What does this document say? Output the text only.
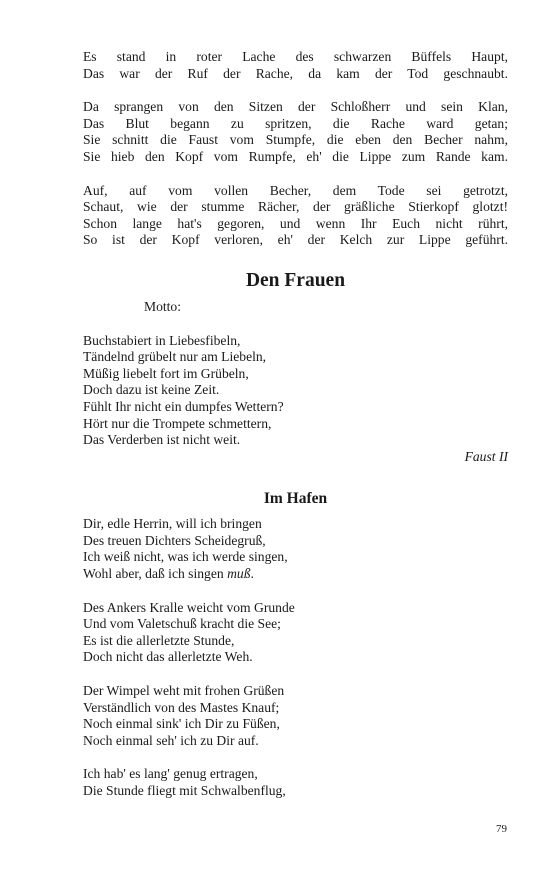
Es stand in roter Lache des schwarzen Büffels Haupt,
Das war der Ruf der Rache, da kam der Tod geschnaubt.
Da sprangen von den Sitzen der Schloßherr und sein Klan,
Das Blut begann zu spritzen, die Rache ward getan;
Sie schnitt die Faust vom Stumpfe, die eben den Becher nahm,
Sie hieb den Kopf vom Rumpfe, eh' die Lippe zum Rande kam.
Auf, auf vom vollen Becher, dem Tode sei getrotzt,
Schaut, wie der stumme Rächer, der gräßliche Stierkopf glotzt!
Schon lange hat's gegoren, und wenn Ihr Euch nicht rührt,
So ist der Kopf verloren, eh' der Kelch zur Lippe geführt.
Den Frauen
Motto:
Buchstabiert in Liebesfibeln,
Tändelnd grübelt nur am Liebeln,
Müßig liebelt fort im Grübeln,
Doch dazu ist keine Zeit.
Fühlt Ihr nicht ein dumpfes Wettern?
Hört nur die Trompete schmettern,
Das Verderben ist nicht weit.
Faust II
Im Hafen
Dir, edle Herrin, will ich bringen
Des treuen Dichters Scheidegruß,
Ich weiß nicht, was ich werde singen,
Wohl aber, daß ich singen muß.
Des Ankers Kralle weicht vom Grunde
Und vom Valetschuß kracht die See;
Es ist die allerletzte Stunde,
Doch nicht das allerletzte Weh.
Der Wimpel weht mit frohen Grüßen
Verständlich von des Mastes Knauf;
Noch einmal sink' ich Dir zu Füßen,
Noch einmal seh' ich zu Dir auf.
Ich hab' es lang' genug ertragen,
Die Stunde fliegt mit Schwalbenflug,
79
